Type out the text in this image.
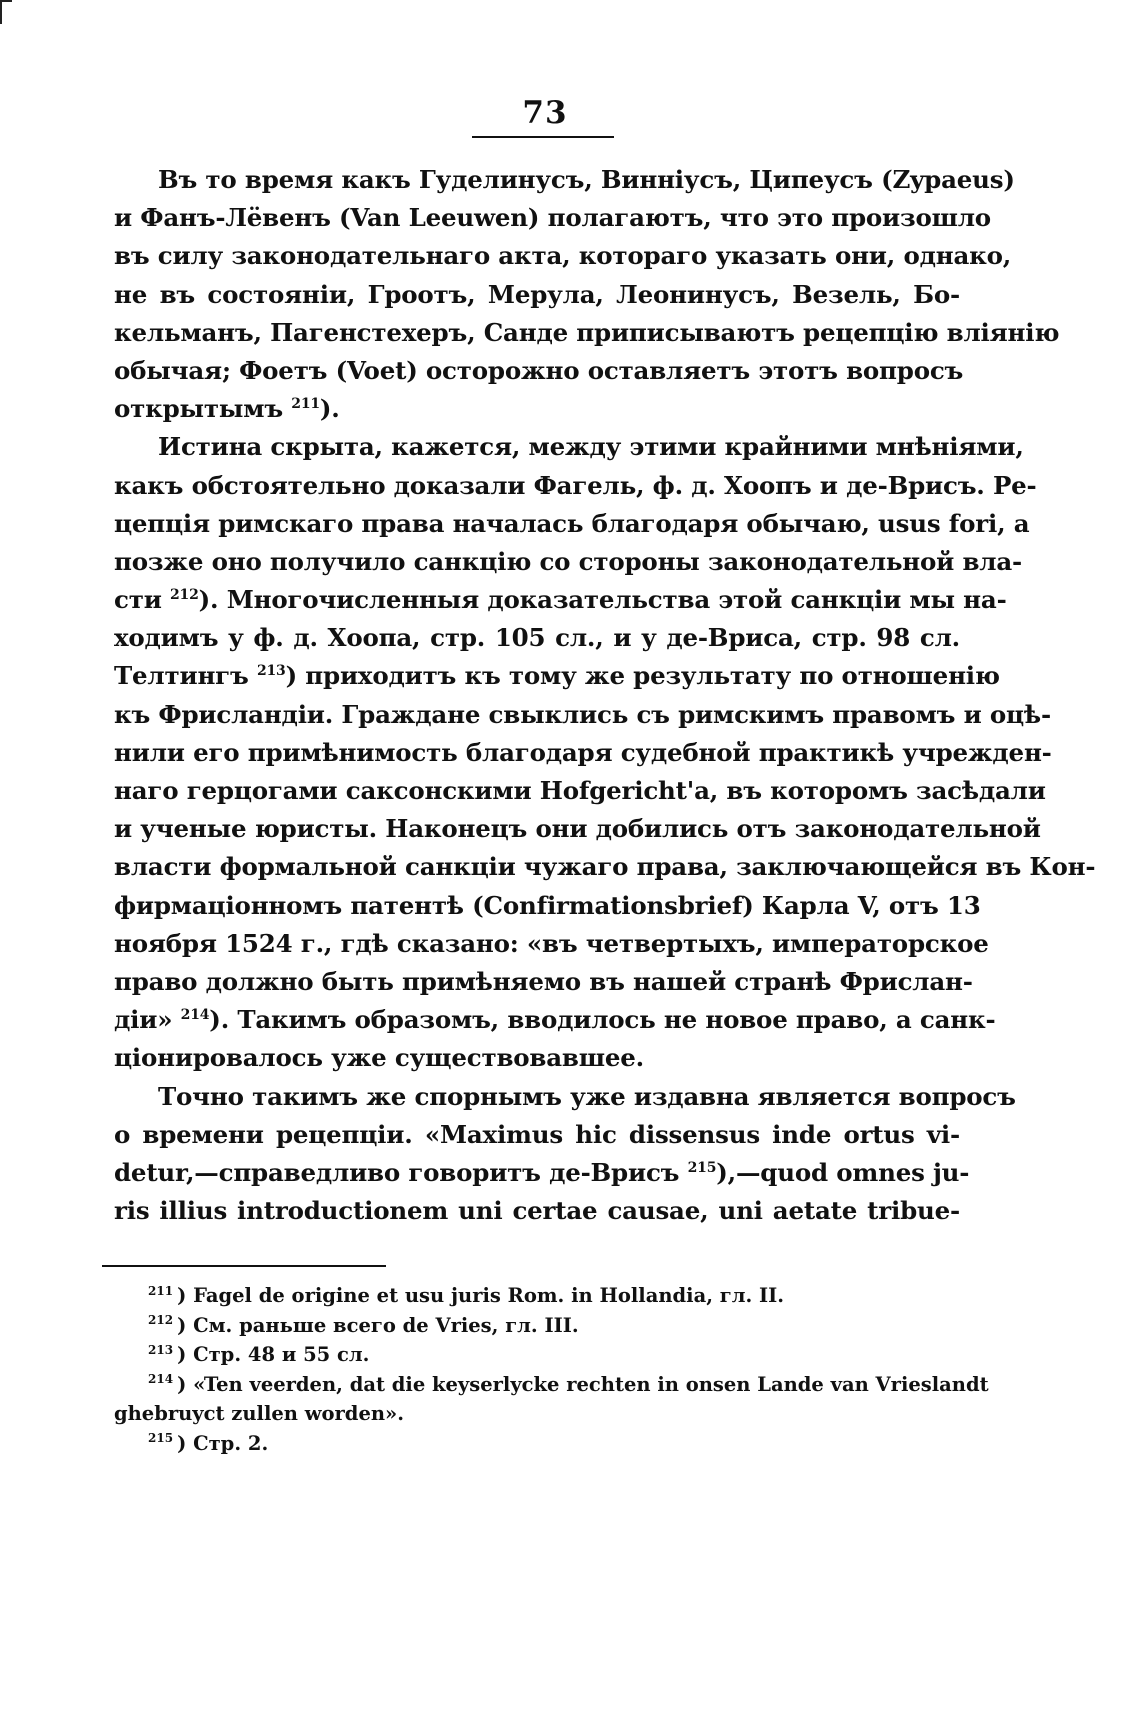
73
Въ то время какъ Гуделинусъ, Винніусъ, Ципеусъ (Zypaeus)
и Фанъ-Лёвенъ (Van Leeuwen) полагаютъ, что это произошло
въ силу законодательнаго акта, котораго указать они, однако,
не въ состояніи, Гроотъ, Мерула, Леонинусъ, Везель, Бо-
кельманъ, Пагенстехеръ, Санде приписываютъ рецепцію вліянію
обычая; Фоетъ (Voet) осторожно оставляетъ этотъ вопросъ
открытымъ $^{211}$).
Истина скрыта, кажется, между этими крайними мнѣніями,
какъ обстоятельно доказали Фагель, ф. д. Хоопъ и де-Врисъ. Ре-
цепція римскаго права началась благодаря обычаю, usus fori, а
позже оно получило санкцію со стороны законодательной вла-
сти $^{212}$). Многочисленныя доказательства этой санкціи мы на-
ходимъ у ф. д. Хоопа, стр. 105 сл., и у де-Вриса, стр. 98 сл.
Телтингъ $^{213}$) приходитъ къ тому же результату по отношенію
къ Фрисландіи. Граждане свыклись съ римскимъ правомъ и оцѣ-
нили его примѣнимость благодаря судебной практикѣ учрежден-
наго герцогами саксонскими Hofgericht'а, въ которомъ засѣдали
и ученые юристы. Наконецъ они добились отъ законодательной
власти формальной санкціи чужаго права, заключающейся въ Кон-
фирмаціонномъ патентѣ (Confirmationsbrief) Карла V, отъ 13
ноября 1524 г., гдѣ сказано: «въ четвертыхъ, императорское
право должно быть примѣняемо въ нашей странѣ Фрислан-
діи» $^{214}$). Такимъ образомъ, вводилось не новое право, а санк-
ціонировалось уже существовавшее.
Точно такимъ же спорнымъ уже издавна является вопросъ
о времени рецепціи. «Maximus hic dissensus inde ortus vi-
detur,—справедливо говоритъ де-Врисъ $^{215}$),—quod omnes ju-
ris illius introductionem uni certae causae, uni aetate tribue-
$^{211}$ ) Fagel de origine et usu juris Rom. in Hollandia, гл. II.
$^{212}$ ) См. раньше всего de Vries, гл. III.
$^{213}$ ) Стр. 48 и 55 сл.
$^{214}$ ) «Ten veerden, dat die keyserlycke rechten in onsen Lande van Vrieslandt
ghebruyct zullen worden».
$^{215}$ ) Стр. 2.
